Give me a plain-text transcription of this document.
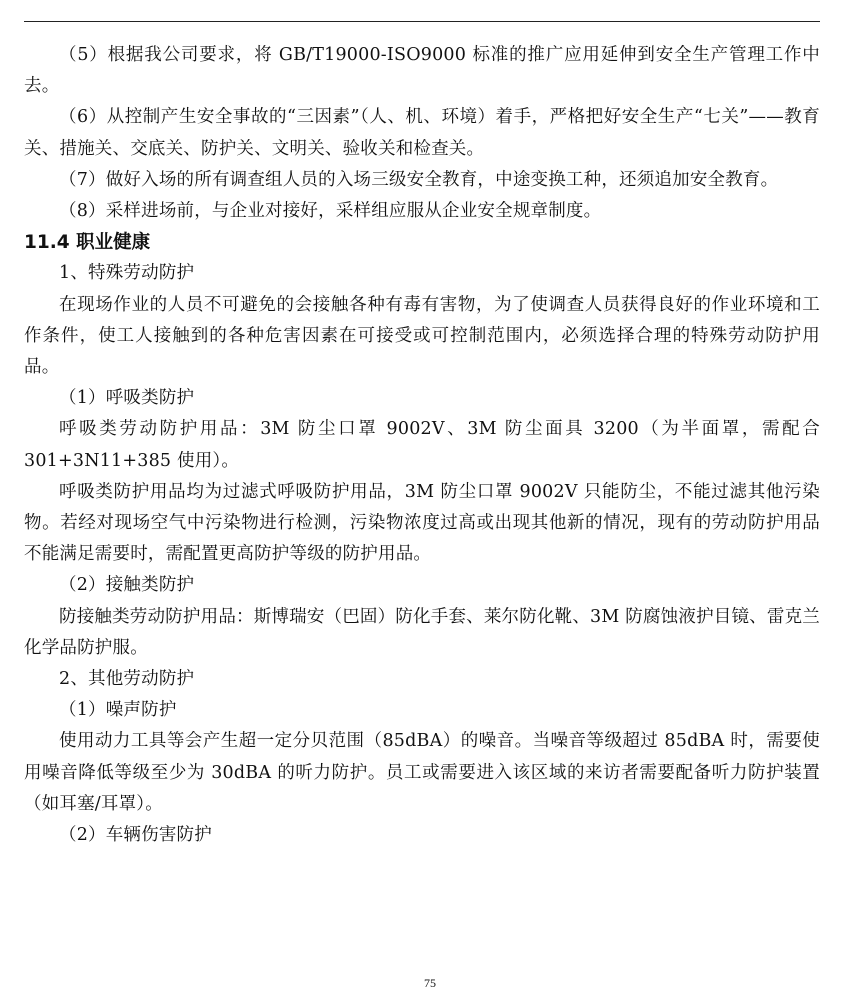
（5）根据我公司要求，将 GB/T19000-ISO9000 标准的推广应用延伸到安全生产管理工作中去。

（6）从控制产生安全事故的“三因素”（人、机、环境）着手，严格把好安全生产“七关”——教育关、措施关、交底关、防护关、文明关、验收关和检查关。

（7）做好入场的所有调查组人员的入场三级安全教育，中途变换工种，还须追加安全教育。

（8）采样进场前，与企业对接好，采样组应服从企业安全规章制度。

11.4 职业健康

1、特殊劳动防护

在现场作业的人员不可避免的会接触各种有毒有害物，为了使调查人员获得良好的作业环境和工作条件，使工人接触到的各种危害因素在可接受或可控制范围内，必须选择合理的特殊劳动防护用品。

（1）呼吸类防护

呼吸类劳动防护用品：3M 防尘口罩 9002V、3M 防尘面具 3200（为半面罩，需配合 301+3N11+385 使用）。

呼吸类防护用品均为过滤式呼吸防护用品，3M 防尘口罩 9002V 只能防尘，不能过滤其他污染物。若经对现场空气中污染物进行检测，污染物浓度过高或出现其他新的情况，现有的劳动防护用品不能满足需要时，需配置更高防护等级的防护用品。

（2）接触类防护

防接触类劳动防护用品：斯博瑞安（巴固）防化手套、莱尔防化靴、3M 防腐蚀液护目镜、雷克兰化学品防护服。

2、其他劳动防护

（1）噪声防护

使用动力工具等会产生超一定分贝范围（85dBA）的噪音。当噪音等级超过 85dBA 时，需要使用噪音降低等级至少为 30dBA 的听力防护。员工或需要进入该区域的来访者需要配备听力防护装置（如耳塞/耳罩）。

（2）车辆伤害防护

75
